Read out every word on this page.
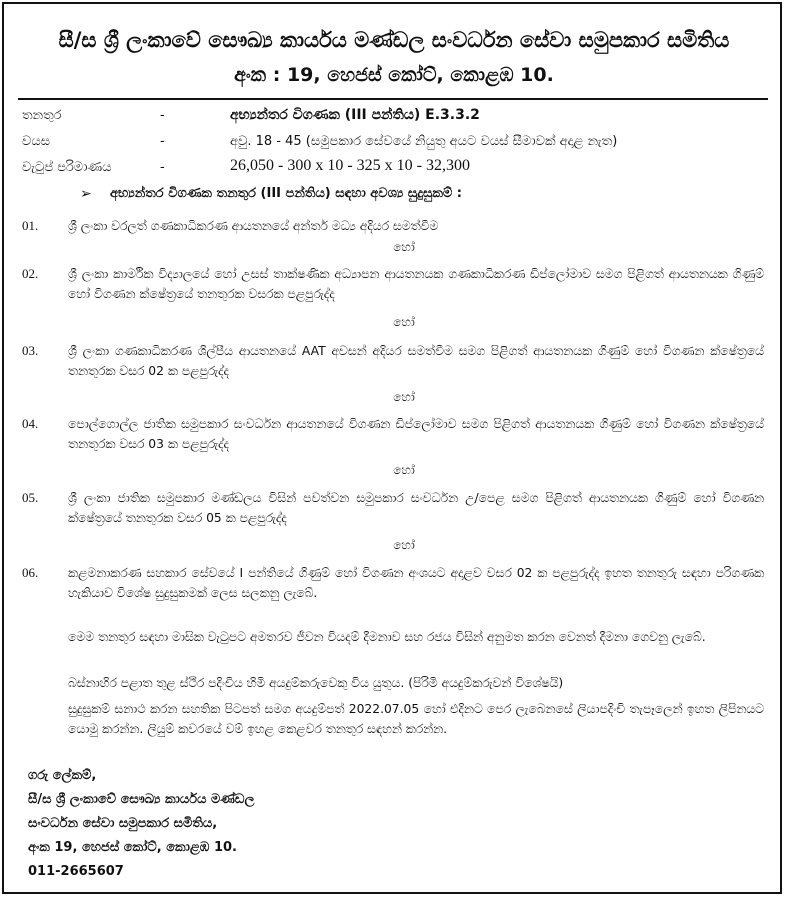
සී/ස ශ්‍රී ලංකාවේ සෞඛ්‍ය කාර්යය මණ්ඩල සංවර්ධන සේවා සමුපකාර සමිතිය
අංක : 19, හෙජස් කෝට්, කොළඹ 10.
තනතුර	-	අභ්‍යන්තර විගණක (III පන්තිය) E.3.3.2
වයස	-	අවු. 18 - 45 (සමුපකාර සේවයේ නියුතු අයට වයස් සීමාවක් අදාළ නැත)
වැටුප් පරිමාණය	-	26,050 - 300 x 10 - 325 x 10 - 32,300
➢ අභ්‍යන්තර විගණක තනතුර (III පන්තිය) සඳහා අවශ්‍ය සුදුසුකම් :
01. ශ්‍රී ලංකා වරලත් ගණකාධිකරණ ආයතනයේ අන්තර් මධ්‍ය අදියර සමත්වීම
හෝ
02. ශ්‍රී ලංකා කාර්මික විද්‍යාලයේ හෝ උසස් තාක්ෂණික අධ්‍යාපන ආයතනයක ගණකාධිකරණ ඩිප්ලෝමාව සමග පිළිගත් ආයතනයක ගිණුම් හෝ විගණන ක්ෂේත්‍රයේ තනතුරක වසරක පළපුරුද්ද
හෝ
03. ශ්‍රී ලංකා ගණකාධිකරණ ශිල්පීය ආයතනයේ AAT අවසන් අදියර සමත්වීම සමග පිළිගත් ආයතනයක ගිණුම් හෝ විගණන ක්ෂේත්‍රයේ තනතුරක වසර 02 ක පළපුරුද්ද
හෝ
04. පොල්ගොල්ල ජාතික සමුපකාර සංවර්ධන ආයතනයේ විගණන ඩිප්ලෝමාව සමග පිළිගත් ආයතනයක ගිණුම් හෝ විගණන ක්ෂේත්‍රයේ තනතුරක වසර 03 ක පළපුරුද්ද
හෝ
05. ශ්‍රී ලංකා ජාතික සමුපකාර මණ්ඩලය විසින් පවත්වන සමුපකාර සංවර්ධන උ/පෙළ සමග පිළිගත් ආයතනයක ගිණුම් හෝ විගණන ක්ෂේත්‍රයේ තනතුරක වසර 05 ක පළපුරුද්ද
හෝ
06. කළමනාකරණ සහකාර සේවයේ I පන්තියේ ගිණුම් හෝ විගණන අංශයට අදාළව වසර 02 ක පළපුරුද්ද ඉහත තනතුරු සඳහා පරිගණක හැකියාව විශේෂ සුදුසුකමක් ලෙස සලකනු ලැබේ.
මෙම තනතුර සඳහා මාසික වැටුපට අමතරව ජීවන වියදම් දීමනාව සහ රජය විසින් අනුමත කරන වෙනත් දීමනා ගෙවනු ලැබේ.
බස්නාහිර පළාත තුළ ස්ථිර පදිංචිය හිමි අයදුම්කරුවෙකු විය යුතුය. (පිරිමි අයදුම්කරුවන් විශේෂයි)
සුදුසුකම් සනාථ කරන සහතික පිටපත් සමග අයදුම්පත් 2022.07.05 හෝ එදිනට පෙර ලැබෙනසේ ලියාපදිංචි තැපෑලෙන් ඉහත ලිපිනයට යොමු කරන්න. ලියුම් කවරයේ වම් ඉහළ කෙළවර තනතුර සඳහන් කරන්න.
ගරු ලේකම්,
සී/ස ශ්‍රී ලංකාවේ සෞඛ්‍ය කාර්යය මණ්ඩල
සංවර්ධන සේවා සමුපකාර සමිතිය,
අංක 19, හෙජස් කෝට්, කොළඹ 10.
011-2665607
